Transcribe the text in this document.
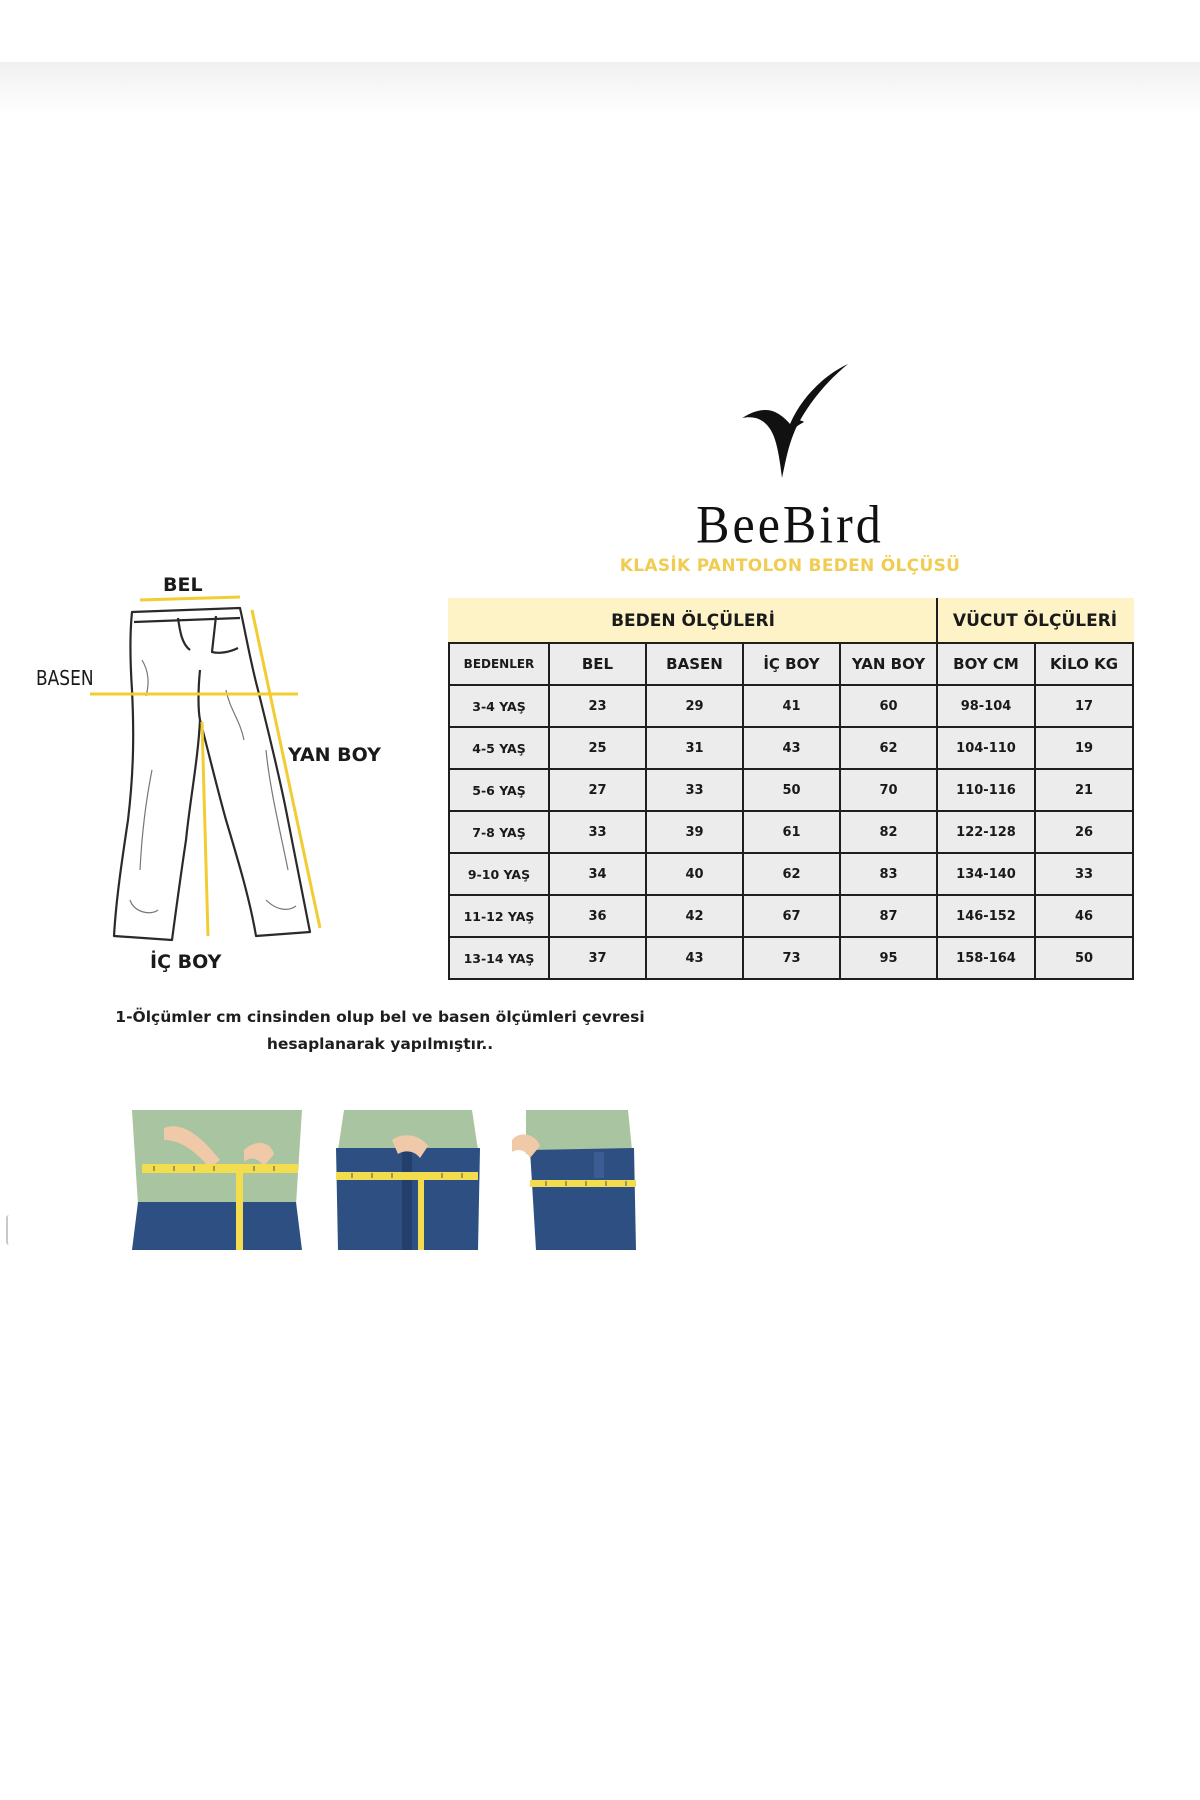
BeeBird
KLASİK PANTOLON BEDEN ÖLÇÜSÜ
BEL
BASEN
YAN BOY
İÇ BOY
BEDEN ÖLÇÜLERİ					VÜCUT ÖLÇÜLERİ	
BEDENLER	BEL	BASEN	İÇ BOY	YAN BOY	BOY CM	KİLO KG
3-4 YAŞ	23	29	41	60	98-104	17
4-5 YAŞ	25	31	43	62	104-110	19
5-6 YAŞ	27	33	50	70	110-116	21
7-8 YAŞ	33	39	61	82	122-128	26
9-10 YAŞ	34	40	62	83	134-140	33
11-12 YAŞ	36	42	67	87	146-152	46
13-14 YAŞ	37	43	73	95	158-164	50
1-Ölçümler cm cinsinden olup bel ve basen ölçümleri çevresi
hesaplanarak yapılmıştır..
